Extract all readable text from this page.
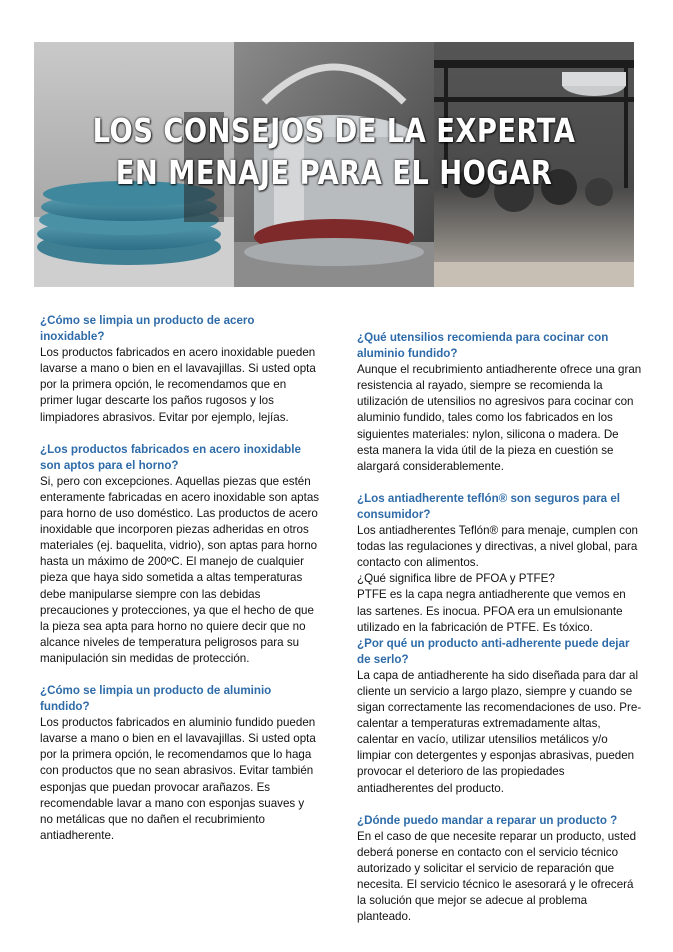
LOS CONSEJOS DE LA EXPERTA
EN MENAJE PARA EL HOGAR

¿Cómo se limpia un producto de acero inoxidable?

Los productos fabricados en acero inoxidable pueden lavarse a mano o bien en el lavavajillas. Si usted opta por la primera opción, le recomendamos que en primer lugar descarte los paños rugosos y los limpiadores abrasivos. Evitar por ejemplo, lejías.

¿Los productos fabricados en acero inoxidable son aptos para el horno?

Si, pero con excepciones. Aquellas piezas que estén enteramente fabricadas en acero inoxidable son aptas para horno de uso doméstico. Las productos de acero inoxidable que incorporen piezas adheridas en otros materiales (ej. baquelita, vidrio), son aptas para horno hasta un máximo de 200ºC. El manejo de cualquier pieza que haya sido sometida a altas temperaturas debe manipularse siempre con las debidas precauciones y protecciones, ya que el hecho de que la pieza sea apta para horno no quiere decir que no alcance niveles de temperatura peligrosos para su manipulación sin medidas de protección.

¿Cómo se limpia un producto de aluminio fundido?

Los productos fabricados en aluminio fundido pueden lavarse a mano o bien en el lavavajillas. Si usted opta por la primera opción, le recomendamos que lo haga con productos que no sean abrasivos. Evitar también esponjas que puedan provocar arañazos. Es recomendable lavar a mano con esponjas suaves y no metálicas que no dañen el recubrimiento antiadherente.

¿Qué utensilios recomienda para cocinar con aluminio fundido?

Aunque el recubrimiento antiadherente ofrece una gran resistencia al rayado, siempre se recomienda la utilización de utensilios no agresivos para cocinar con aluminio fundido, tales como los fabricados en los siguientes materiales: nylon, silicona o madera. De esta manera la vida útil de la pieza en cuestión se alargará considerablemente.

¿Los antiadherente teflón® son seguros para el consumidor?

Los antiadherentes Teflón® para menaje, cumplen con todas las regulaciones y directivas, a nivel global, para contacto con alimentos.

¿Qué significa libre de PFOA y PTFE?

PTFE es la capa negra antiadherente que vemos en las sartenes. Es inocua. PFOA era un emulsionante utilizado en la fabricación de PTFE. Es tóxico.

¿Por qué un producto anti-adherente puede dejar de serlo?

La capa de antiadherente ha sido diseñada para dar al cliente un servicio a largo plazo, siempre y cuando se sigan correctamente las recomendaciones de uso. Pre-calentar a temperaturas extremadamente altas, calentar en vacío, utilizar utensilios metálicos y/o limpiar con detergentes y esponjas abrasivas, pueden provocar el deterioro de las propiedades antiadherentes del producto.

¿Dónde puedo mandar a reparar un producto ?

En el caso de que necesite reparar un producto, usted deberá ponerse en contacto con el servicio técnico autorizado y solicitar el servicio de reparación que necesita. El servicio técnico le asesorará y le ofrecerá la solución que mejor se adecue al problema planteado.
